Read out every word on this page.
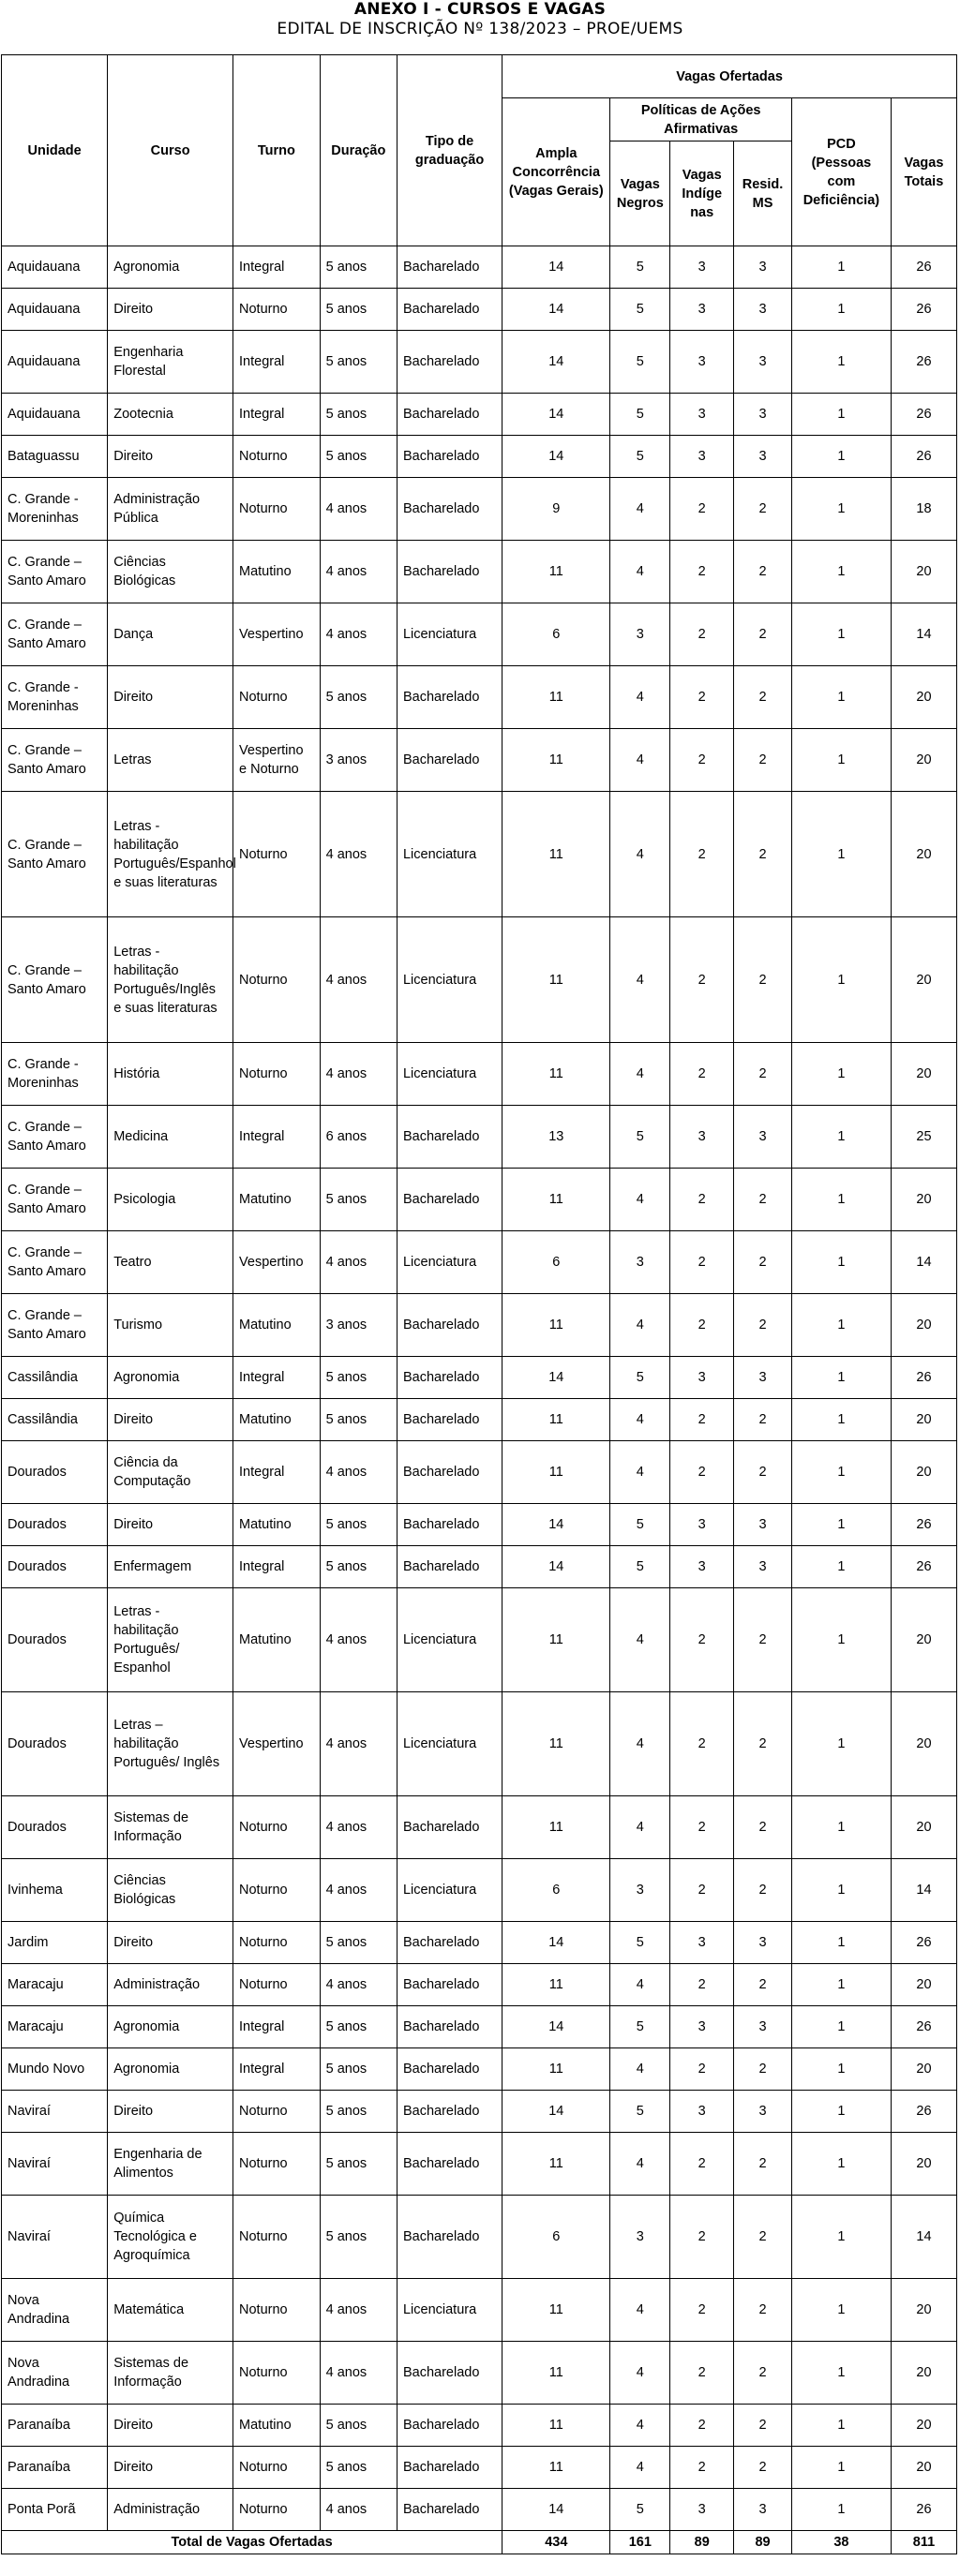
ANEXO I - CURSOS E VAGAS
EDITAL DE INSCRIÇÃO Nº 138/2023 – PROE/UEMS
Unidade	Curso	Turno	Duração	Tipo de graduação	Vagas Ofertadas					
					Ampla Concorrência (Vagas Gerais)	Políticas de Ações Afirmativas			PCD (Pessoas com Deficiência)	Vagas Totais
						Vagas Negros	Vagas Indíge nas	Resid. MS		
Aquidauana	Agronomia	Integral	5 anos	Bacharelado	14	5	3	3	1	26
Aquidauana	Direito	Noturno	5 anos	Bacharelado	14	5	3	3	1	26
Aquidauana	Engenharia Florestal	Integral	5 anos	Bacharelado	14	5	3	3	1	26
Aquidauana	Zootecnia	Integral	5 anos	Bacharelado	14	5	3	3	1	26
Bataguassu	Direito	Noturno	5 anos	Bacharelado	14	5	3	3	1	26
C. Grande - Moreninhas	Administração Pública	Noturno	4 anos	Bacharelado	9	4	2	2	1	18
C. Grande – Santo Amaro	Ciências Biológicas	Matutino	4 anos	Bacharelado	11	4	2	2	1	20
C. Grande – Santo Amaro	Dança	Vespertino	4 anos	Licenciatura	6	3	2	2	1	14
C. Grande - Moreninhas	Direito	Noturno	5 anos	Bacharelado	11	4	2	2	1	20
C. Grande – Santo Amaro	Letras	Vespertino e Noturno	3 anos	Bacharelado	11	4	2	2	1	20
C. Grande – Santo Amaro	Letras - habilitação Português/Espanhol e suas literaturas	Noturno	4 anos	Licenciatura	11	4	2	2	1	20
C. Grande – Santo Amaro	Letras - habilitação Português/Inglês e suas literaturas	Noturno	4 anos	Licenciatura	11	4	2	2	1	20
C. Grande - Moreninhas	História	Noturno	4 anos	Licenciatura	11	4	2	2	1	20
C. Grande – Santo Amaro	Medicina	Integral	6 anos	Bacharelado	13	5	3	3	1	25
C. Grande – Santo Amaro	Psicologia	Matutino	5 anos	Bacharelado	11	4	2	2	1	20
C. Grande – Santo Amaro	Teatro	Vespertino	4 anos	Licenciatura	6	3	2	2	1	14
C. Grande – Santo Amaro	Turismo	Matutino	3 anos	Bacharelado	11	4	2	2	1	20
Cassilândia	Agronomia	Integral	5 anos	Bacharelado	14	5	3	3	1	26
Cassilândia	Direito	Matutino	5 anos	Bacharelado	11	4	2	2	1	20
Dourados	Ciência da Computação	Integral	4 anos	Bacharelado	11	4	2	2	1	20
Dourados	Direito	Matutino	5 anos	Bacharelado	14	5	3	3	1	26
Dourados	Enfermagem	Integral	5 anos	Bacharelado	14	5	3	3	1	26
Dourados	Letras - habilitação Português/ Espanhol	Matutino	4 anos	Licenciatura	11	4	2	2	1	20
Dourados	Letras – habilitação Português/ Inglês	Vespertino	4 anos	Licenciatura	11	4	2	2	1	20
Dourados	Sistemas de Informação	Noturno	4 anos	Bacharelado	11	4	2	2	1	20
Ivinhema	Ciências Biológicas	Noturno	4 anos	Licenciatura	6	3	2	2	1	14
Jardim	Direito	Noturno	5 anos	Bacharelado	14	5	3	3	1	26
Maracaju	Administração	Noturno	4 anos	Bacharelado	11	4	2	2	1	20
Maracaju	Agronomia	Integral	5 anos	Bacharelado	14	5	3	3	1	26
Mundo Novo	Agronomia	Integral	5 anos	Bacharelado	11	4	2	2	1	20
Naviraí	Direito	Noturno	5 anos	Bacharelado	14	5	3	3	1	26
Naviraí	Engenharia de Alimentos	Noturno	5 anos	Bacharelado	11	4	2	2	1	20
Naviraí	Química Tecnológica e Agroquímica	Noturno	5 anos	Bacharelado	6	3	2	2	1	14
Nova Andradina	Matemática	Noturno	4 anos	Licenciatura	11	4	2	2	1	20
Nova Andradina	Sistemas de Informação	Noturno	4 anos	Bacharelado	11	4	2	2	1	20
Paranaíba	Direito	Matutino	5 anos	Bacharelado	11	4	2	2	1	20
Paranaíba	Direito	Noturno	5 anos	Bacharelado	11	4	2	2	1	20
Ponta Porã	Administração	Noturno	4 anos	Bacharelado	14	5	3	3	1	26
Total de Vagas Ofertadas					434	161	89	89	38	811
